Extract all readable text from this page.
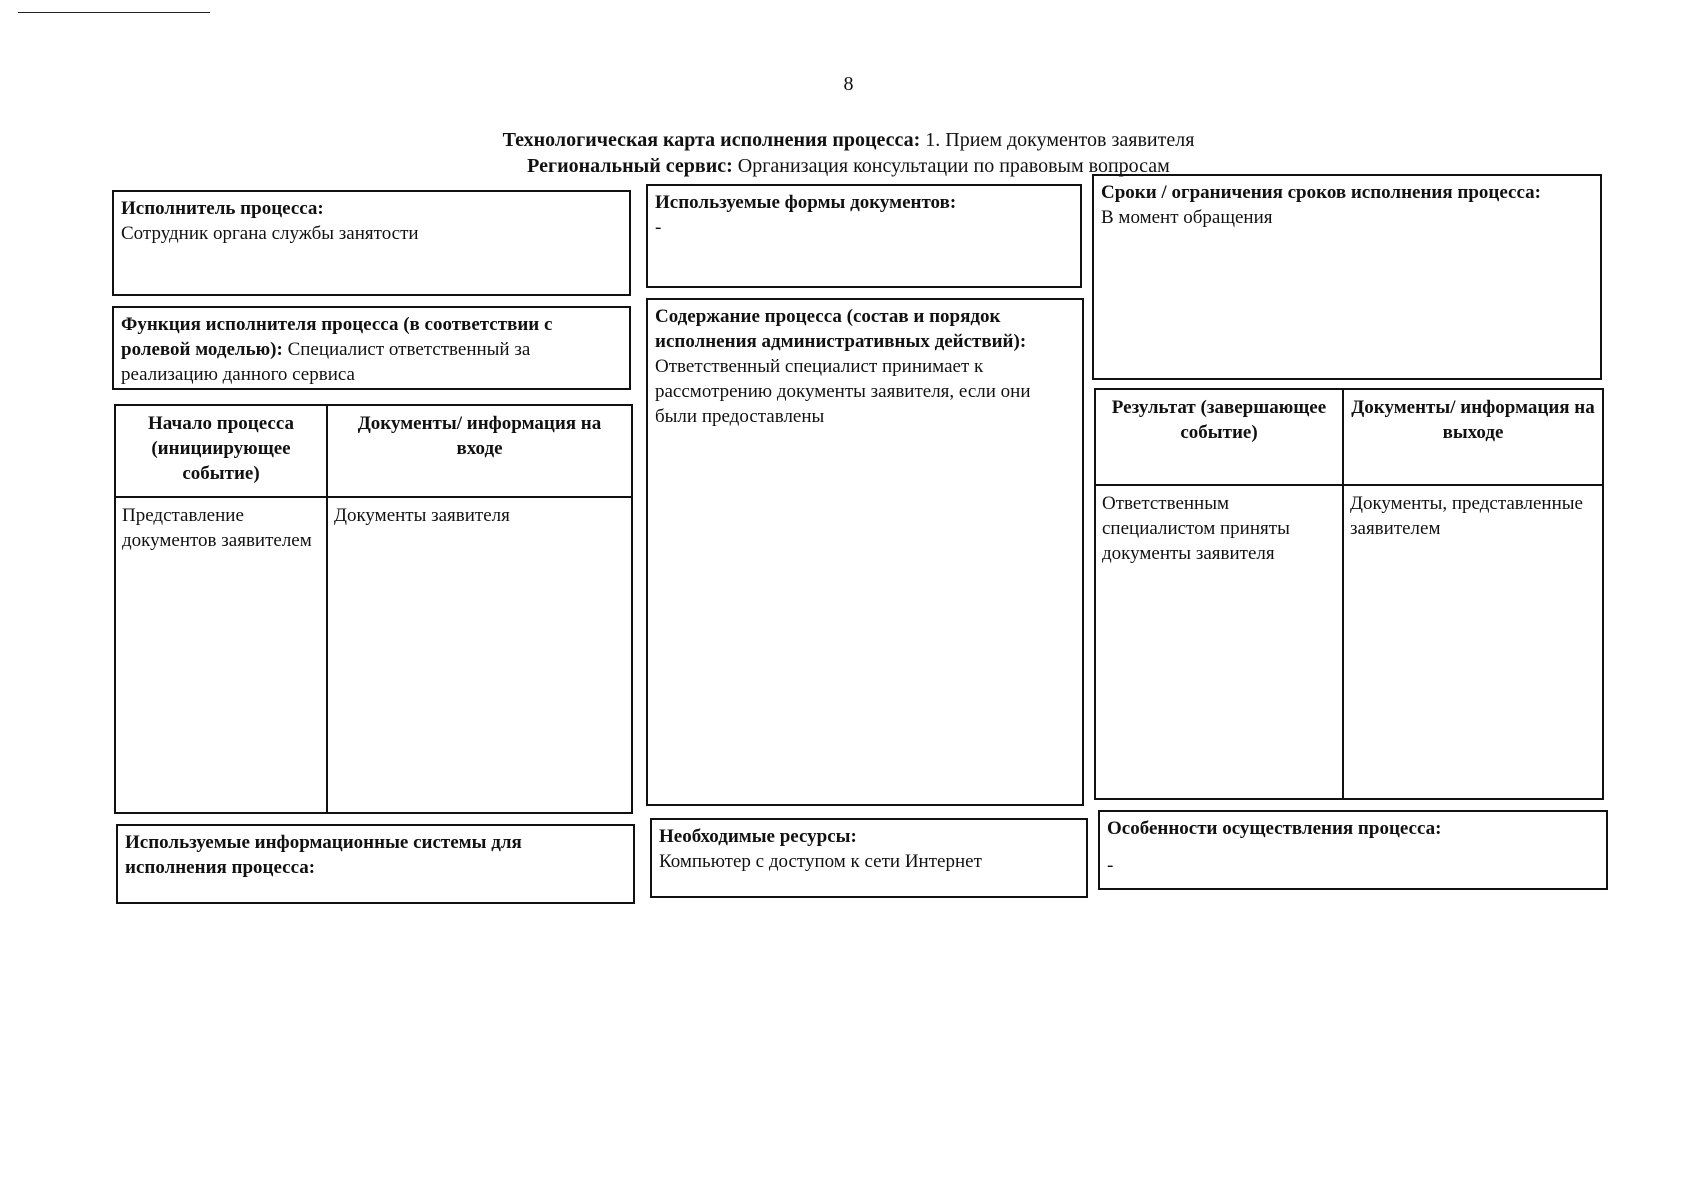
8
Технологическая карта исполнения процесса: 1. Прием документов заявителя
Региональный сервис: Организация консультации по правовым вопросам
Исполнитель процесса:
Сотрудник органа службы занятости
Функция исполнителя процесса (в соответствии с ролевой моделью): Специалист ответственный за реализацию данного сервиса
Начало процесса (инициирующее событие)
Документы/ информация на входе
Представление документов заявителем
Документы заявителя
Используемые информационные системы для исполнения процесса:
Используемые формы документов:
-
Содержание процесса (состав и порядок исполнения административных действий):
Ответственный специалист принимает к рассмотрению документы заявителя, если они были предоставлены
Необходимые ресурсы:
Компьютер с доступом к сети Интернет
Сроки / ограничения сроков исполнения процесса:
В момент обращения
Результат (завершающее событие)
Документы/ информация на выходе
Ответственным специалистом приняты документы заявителя
Документы, представленные заявителем
Особенности осуществления процесса:
-
